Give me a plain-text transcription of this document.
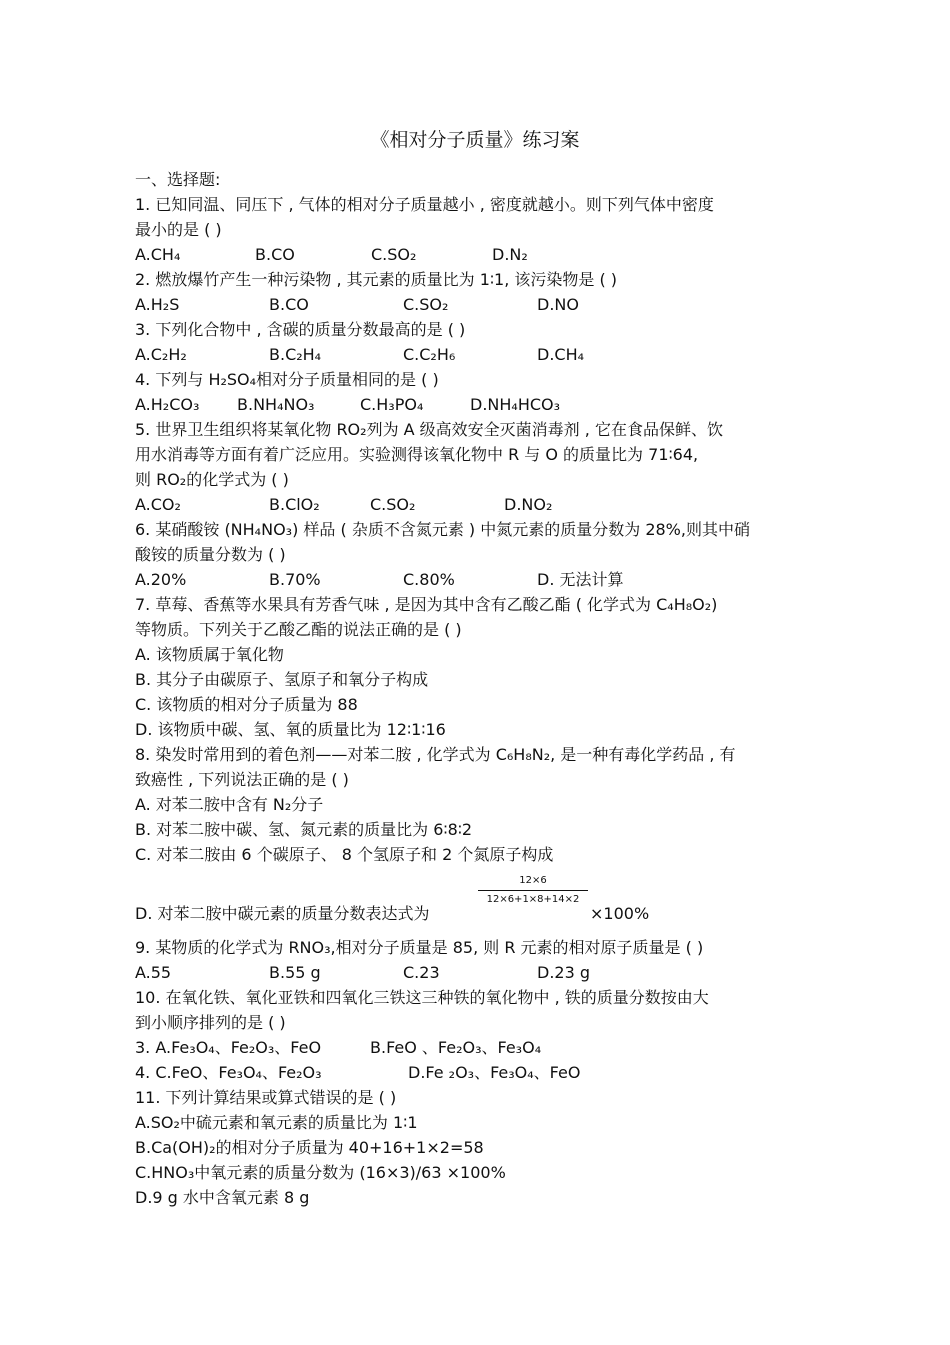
《相对分子质量》练习案
一、选择题:
1. 已知同温、同压下 , 气体的相对分子质量越小 , 密度就越小。则下列气体中密度
最小的是 ( )
A.CH₄	B.CO	C.SO₂	D.N₂
2. 燃放爆竹产生一种污染物 , 其元素的质量比为 1∶1, 该污染物是 ( )
A.H₂S	B.CO	C.SO₂	D.NO
3. 下列化合物中 , 含碳的质量分数最高的是 ( )
A.C₂H₂	B.C₂H₄	C.C₂H₆	D.CH₄
4. 下列与 H₂SO₄相对分子质量相同的是 ( )
A.H₂CO₃ B.NH₄NO₃	C.H₃PO₄	D.NH₄HCO₃
5. 世界卫生组织将某氧化物 RO₂列为 A 级高效安全灭菌消毒剂 , 它在食品保鲜、饮
用水消毒等方面有着广泛应用。实验测得该氧化物中 R 与 O 的质量比为 71∶64,
则 RO₂的化学式为 ( )
A.CO₂	B.ClO₂	C.SO₂	D.NO₂
6. 某硝酸铵 (NH₄NO₃) 样品 ( 杂质不含氮元素 ) 中氮元素的质量分数为 28%,则其中硝
酸铵的质量分数为 ( )
A.20%	B.70%	C.80%	D. 无法计算
7. 草莓、香蕉等水果具有芳香气味 , 是因为其中含有乙酸乙酯 ( 化学式为 C₄H₈O₂)
等物质。下列关于乙酸乙酯的说法正确的是 ( )
A. 该物质属于氧化物
B. 其分子由碳原子、氢原子和氧分子构成
C. 该物质的相对分子质量为 88
D. 该物质中碳、氢、氧的质量比为 12∶1∶16
8. 染发时常用到的着色剂——对苯二胺 , 化学式为 C₆H₈N₂, 是一种有毒化学药品 , 有
致癌性 , 下列说法正确的是 ( )
A. 对苯二胺中含有 N₂分子
B. 对苯二胺中碳、氢、氮元素的质量比为 6∶8∶2
C. 对苯二胺由 6 个碳原子、 8 个氢原子和 2 个氮原子构成
D. 对苯二胺中碳元素的质量分数表达式为
12×6
12×6+1×8+14×2
×100%
9. 某物质的化学式为 RNO₃,相对分子质量是 85, 则 R 元素的相对原子质量是 ( )
A.55	B.55 g	C.23	D.23 g
10. 在氧化铁、氧化亚铁和四氧化三铁这三种铁的氧化物中 , 铁的质量分数按由大
到小顺序排列的是 ( )
3. A.Fe₃O₄、Fe₂O₃、FeO	B.FeO 、Fe₂O₃、Fe₃O₄
4. C.FeO、Fe₃O₄、Fe₂O₃	D.Fe ₂O₃、Fe₃O₄、FeO
11. 下列计算结果或算式错误的是 ( )
A.SO₂中硫元素和氧元素的质量比为 1∶1
B.Ca(OH)₂的相对分子质量为 40+16+1×2=58
C.HNO₃中氧元素的质量分数为 (16×3)/63 ×100%
D.9 g 水中含氧元素 8 g
